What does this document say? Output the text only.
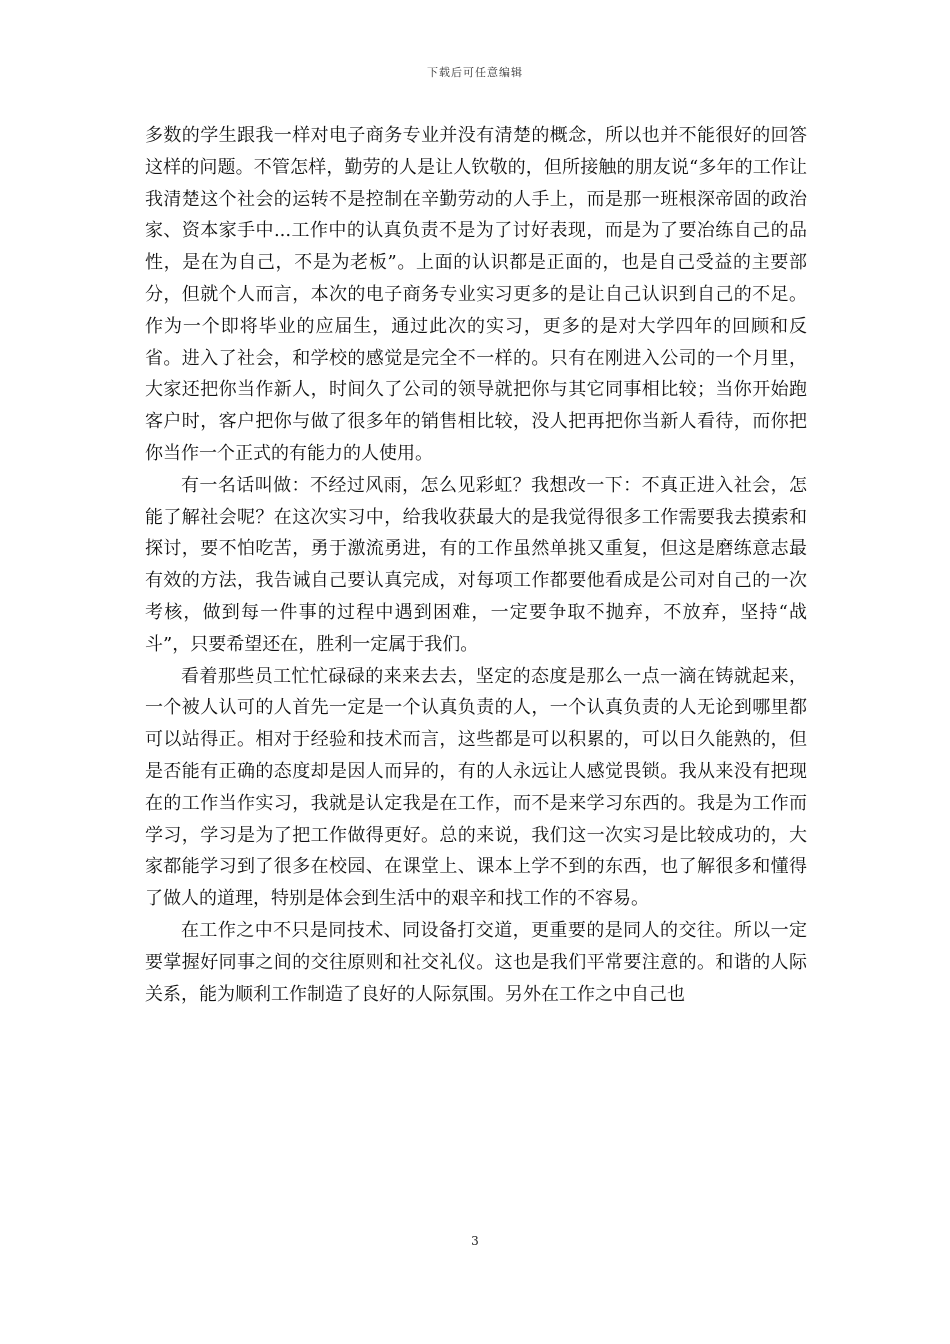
下载后可任意编辑

多数的学生跟我一样对电子商务专业并没有清楚的概念，所以也并不能很好的回答这样的问题。不管怎样，勤劳的人是让人钦敬的，但所接触的朋友说“多年的工作让我清楚这个社会的运转不是控制在辛勤劳动的人手上，而是那一班根深帝固的政治家、资本家手中...工作中的认真负责不是为了讨好表现，而是为了要冶练自己的品性，是在为自己，不是为老板”。上面的认识都是正面的，也是自己受益的主要部分，但就个人而言，本次的电子商务专业实习更多的是让自己认识到自己的不足。作为一个即将毕业的应届生，通过此次的实习，更多的是对大学四年的回顾和反省。进入了社会，和学校的感觉是完全不一样的。只有在刚进入公司的一个月里，大家还把你当作新人，时间久了公司的领导就把你与其它同事相比较；当你开始跑客户时，客户把你与做了很多年的销售相比较，没人把再把你当新人看待，而你把你当作一个正式的有能力的人使用。

有一名话叫做：不经过风雨，怎么见彩虹？我想改一下：不真正进入社会，怎能了解社会呢？在这次实习中，给我收获最大的是我觉得很多工作需要我去摸索和探讨，要不怕吃苦，勇于激流勇进，有的工作虽然单挑又重复，但这是磨练意志最有效的方法，我告诫自己要认真完成，对每项工作都要他看成是公司对自己的一次考核，做到每一件事的过程中遇到困难，一定要争取不抛弃，不放弃，坚持“战斗”，只要希望还在，胜利一定属于我们。

看着那些员工忙忙碌碌的来来去去，坚定的态度是那么一点一滴在铸就起来，一个被人认可的人首先一定是一个认真负责的人，一个认真负责的人无论到哪里都可以站得正。相对于经验和技术而言，这些都是可以积累的，可以日久能熟的，但是否能有正确的态度却是因人而异的，有的人永远让人感觉畏锁。我从来没有把现在的工作当作实习，我就是认定我是在工作，而不是来学习东西的。我是为工作而学习，学习是为了把工作做得更好。总的来说，我们这一次实习是比较成功的，大家都能学习到了很多在校园、在课堂上、课本上学不到的东西，也了解很多和懂得了做人的道理，特别是体会到生活中的艰辛和找工作的不容易。

在工作之中不只是同技术、同设备打交道，更重要的是同人的交往。所以一定要掌握好同事之间的交往原则和社交礼仪。这也是我们平常要注意的。和谐的人际关系，能为顺利工作制造了良好的人际氛围。另外在工作之中自己也

3
